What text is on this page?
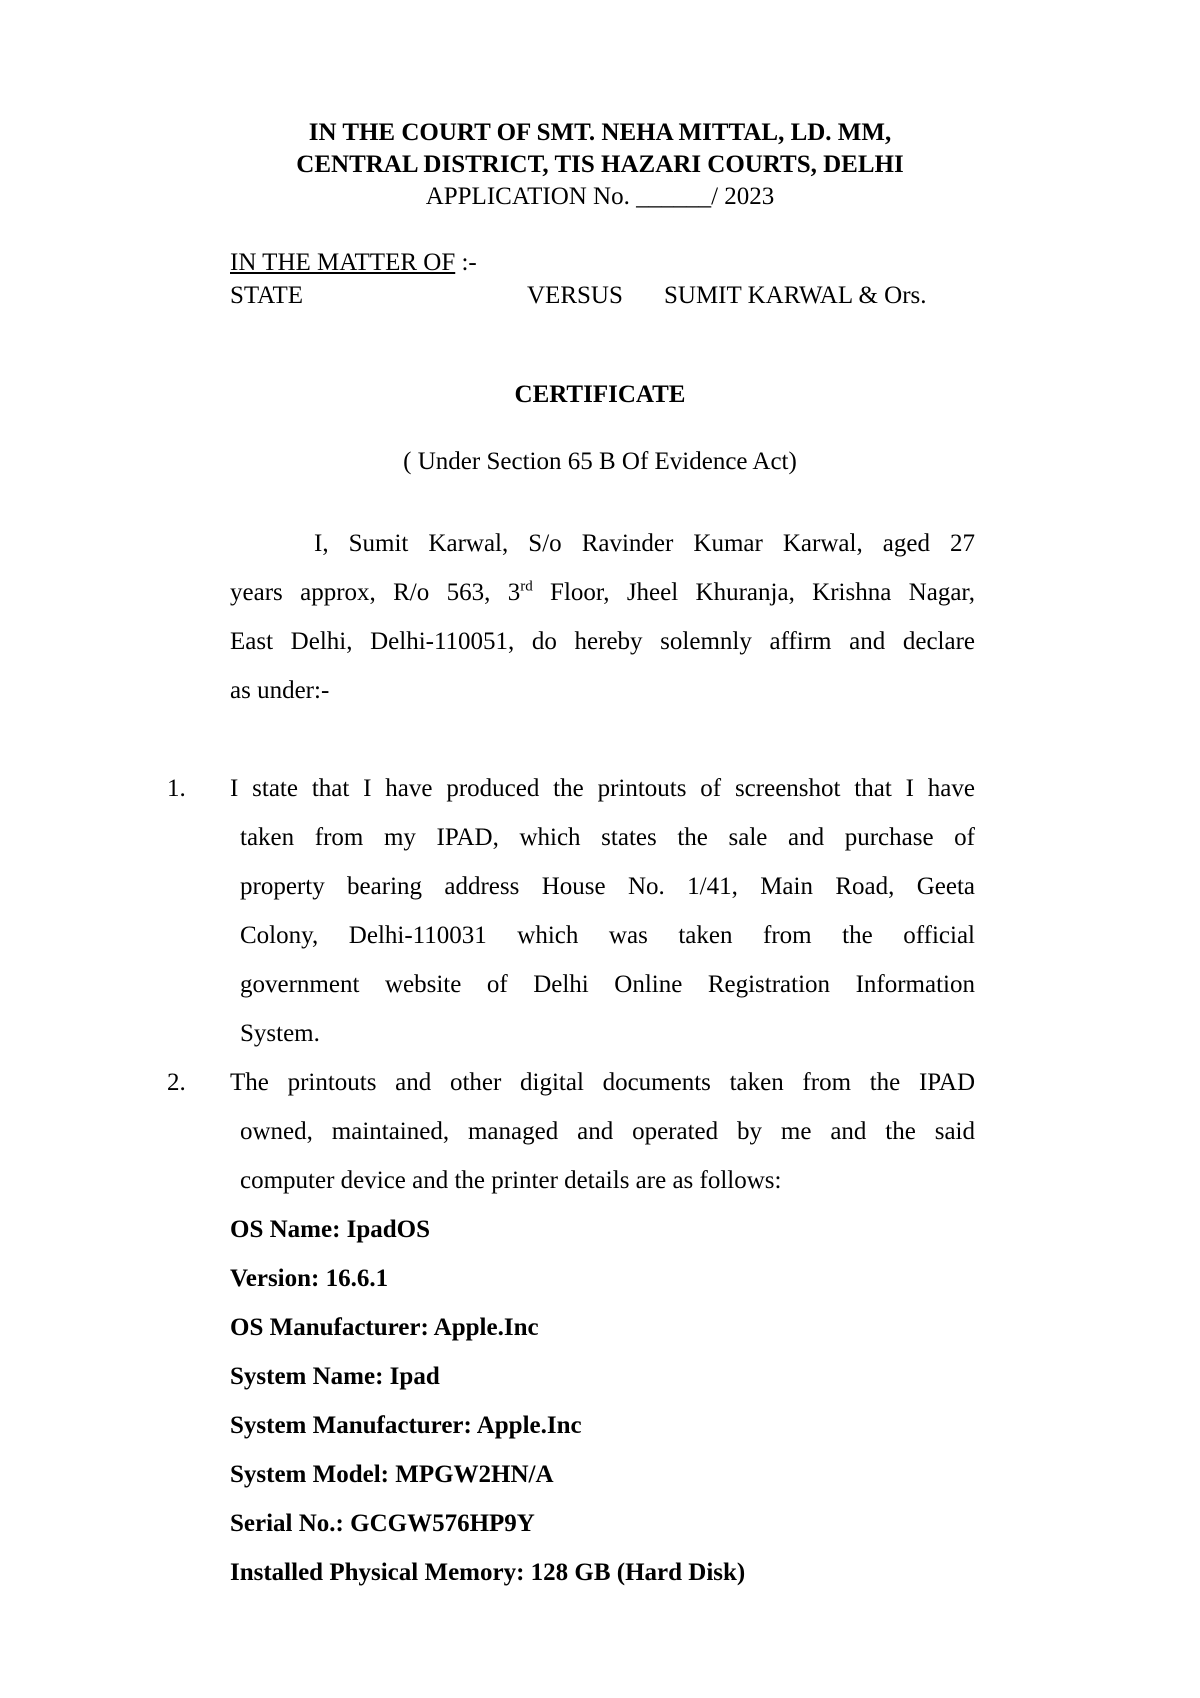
IN THE COURT OF SMT. NEHA MITTAL, LD. MM,
CENTRAL DISTRICT, TIS HAZARI COURTS, DELHI
APPLICATION No. ______/ 2023
IN THE MATTER OF :-
STATE	VERSUS SUMIT KARWAL & Ors.
CERTIFICATE
( Under Section 65 B Of Evidence Act)
I, Sumit Karwal, S/o Ravinder Kumar Karwal, aged 27
years approx, R/o 563, 3rd Floor, Jheel Khuranja, Krishna Nagar,
East Delhi, Delhi-110051, do hereby solemnly affirm and declare
as under:-
1. I state that I have produced the printouts of screenshot that I have
taken from my IPAD, which states the sale and purchase of
property bearing address House No. 1/41, Main Road, Geeta
Colony, Delhi-110031 which was taken from the official
government website of Delhi Online Registration Information
System.
2. The printouts and other digital documents taken from the IPAD
owned, maintained, managed and operated by me and the said
computer device and the printer details are as follows:
OS Name: IpadOS
Version: 16.6.1
OS Manufacturer: Apple.Inc
System Name: Ipad
System Manufacturer: Apple.Inc
System Model: MPGW2HN/A
Serial No.: GCGW576HP9Y
Installed Physical Memory: 128 GB (Hard Disk)
